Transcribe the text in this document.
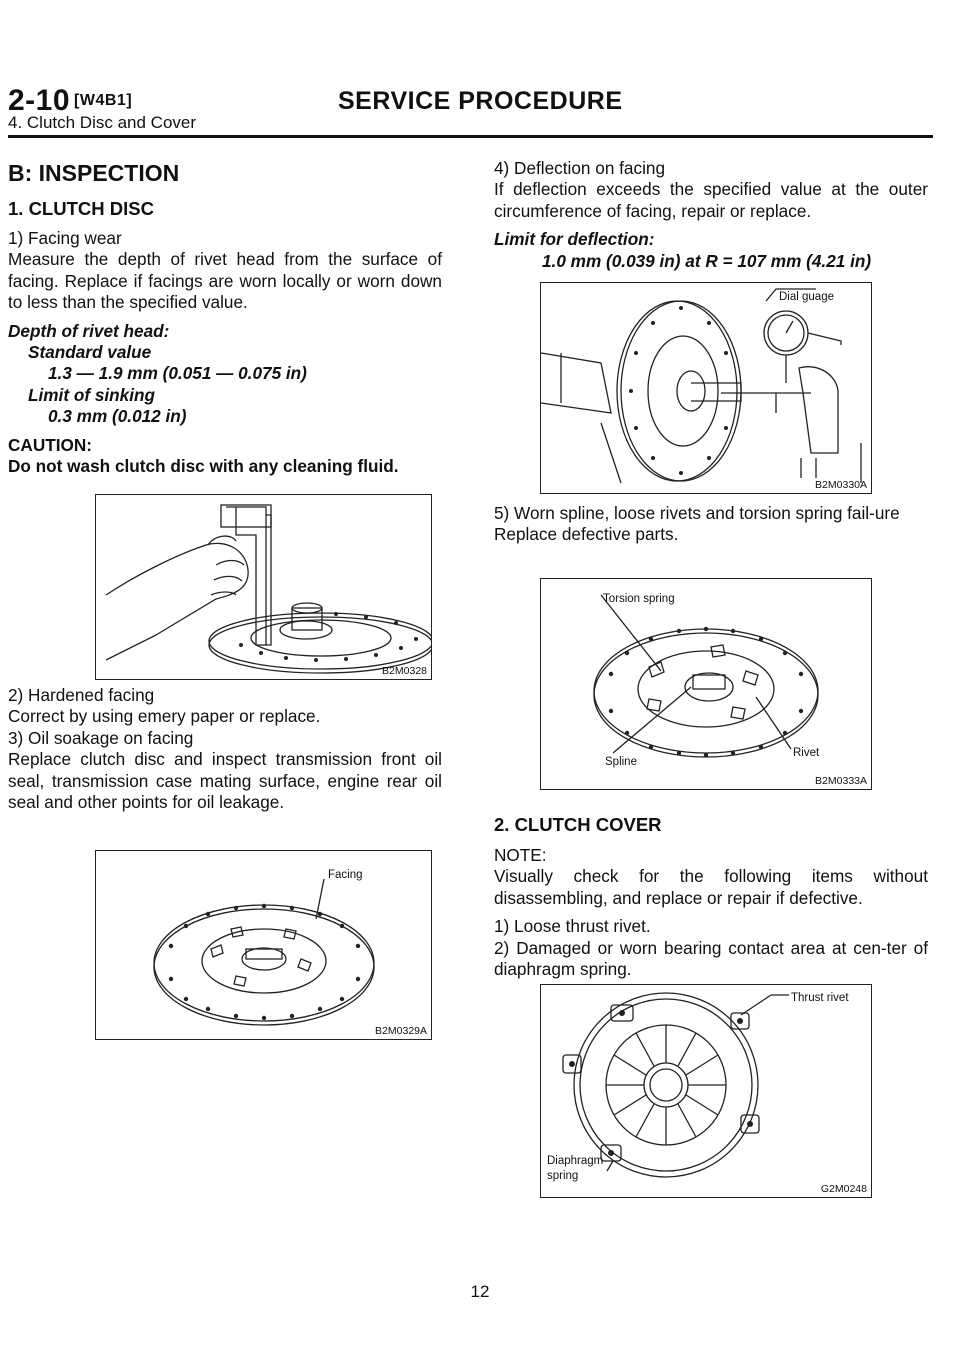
2-10 [W4B1]	SERVICE PROCEDURE
4. Clutch Disc and Cover

B: INSPECTION

1. CLUTCH DISC

1) Facing wear

Measure the depth of rivet head from the surface of facing. Replace if facings are worn locally or worn down to less than the specified value.

Depth of rivet head:

Standard value

1.3 — 1.9 mm (0.051 — 0.075 in)

Limit of sinking

0.3 mm (0.012 in)

CAUTION:

Do not wash clutch disc with any cleaning fluid.

B2M0328

2) Hardened facing

Correct by using emery paper or replace.

3) Oil soakage on facing

Replace clutch disc and inspect transmission front oil seal, transmission case mating surface, engine rear oil seal and other points for oil leakage.

Facing
B2M0329A

4) Deflection on facing

If deflection exceeds the specified value at the outer circumference of facing, repair or replace.

Limit for deflection:

1.0 mm (0.039 in) at R = 107 mm (4.21 in)

Dial guage
B2M0330A

5) Worn spline, loose rivets and torsion spring fail-ure

Replace defective parts.

Torsion spring
Rivet
Spline
B2M0333A

2. CLUTCH COVER

NOTE:

Visually check for the following items without disassembling, and replace or repair if defective.

1) Loose thrust rivet.

2) Damaged or worn bearing contact area at cen-ter of diaphragm spring.

Thrust rivet
Diaphragm
spring
G2M0248
12
